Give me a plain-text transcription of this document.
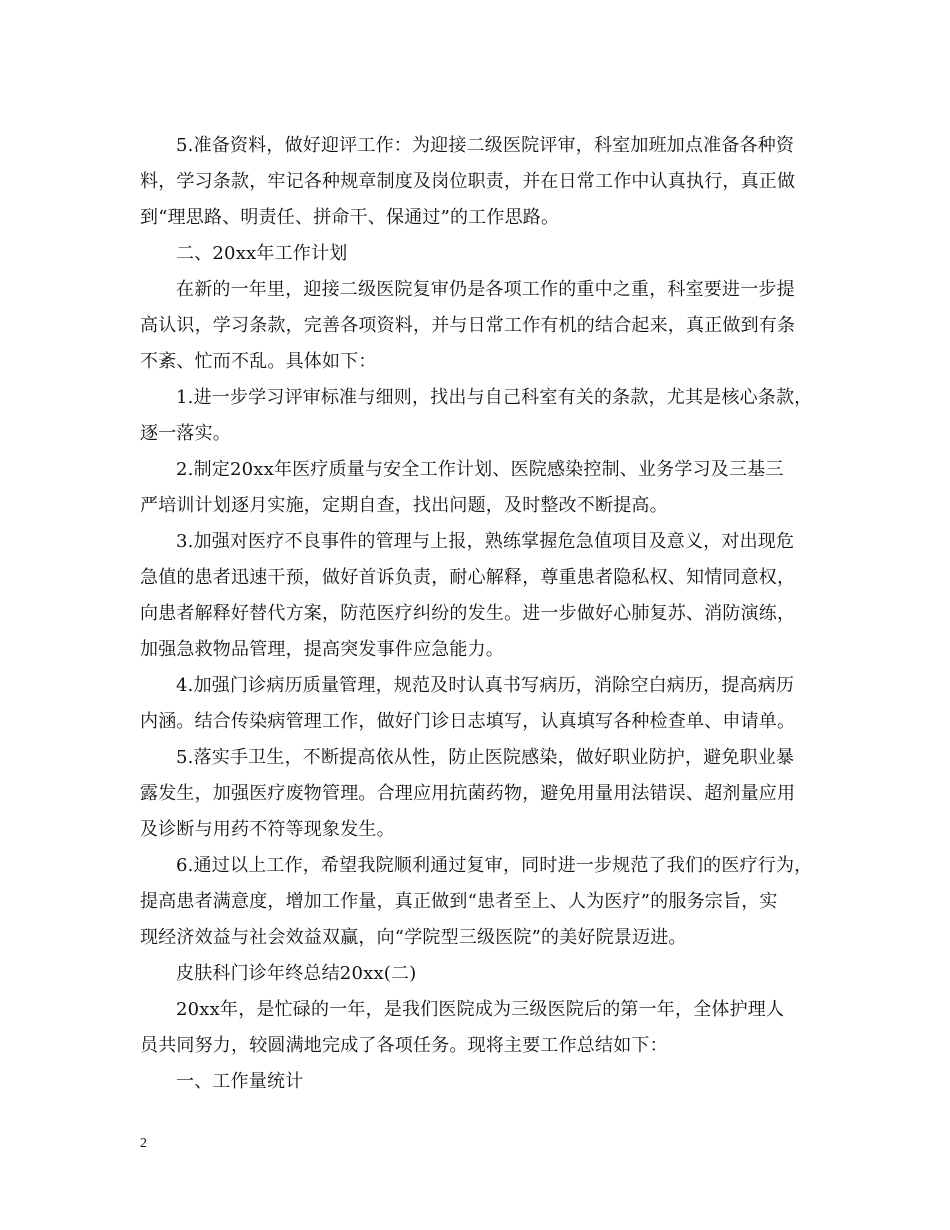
5.准备资料，做好迎评工作：为迎接二级医院评审，科室加班加点准备各种资
料，学习条款，牢记各种规章制度及岗位职责，并在日常工作中认真执行，真正做
到“理思路、明责任、拼命干、保通过”的工作思路。
二、20xx年工作计划
在新的一年里，迎接二级医院复审仍是各项工作的重中之重，科室要进一步提
高认识，学习条款，完善各项资料，并与日常工作有机的结合起来，真正做到有条
不紊、忙而不乱。具体如下：
1.进一步学习评审标准与细则，找出与自己科室有关的条款，尤其是核心条款，
逐一落实。
2.制定20xx年医疗质量与安全工作计划、医院感染控制、业务学习及三基三
严培训计划逐月实施，定期自查，找出问题，及时整改不断提高。
3.加强对医疗不良事件的管理与上报，熟练掌握危急值项目及意义，对出现危
急值的患者迅速干预，做好首诉负责，耐心解释，尊重患者隐私权、知情同意权，
向患者解释好替代方案，防范医疗纠纷的发生。进一步做好心肺复苏、消防演练，
加强急救物品管理，提高突发事件应急能力。
4.加强门诊病历质量管理，规范及时认真书写病历，消除空白病历，提高病历
内涵。结合传染病管理工作，做好门诊日志填写，认真填写各种检查单、申请单。
5.落实手卫生，不断提高依从性，防止医院感染，做好职业防护，避免职业暴
露发生，加强医疗废物管理。合理应用抗菌药物，避免用量用法错误、超剂量应用
及诊断与用药不符等现象发生。
6.通过以上工作，希望我院顺利通过复审，同时进一步规范了我们的医疗行为，
提高患者满意度，增加工作量，真正做到“患者至上、人为医疗”的服务宗旨，实
现经济效益与社会效益双赢，向“学院型三级医院”的美好院景迈进。
皮肤科门诊年终总结20xx(二)
20xx年，是忙碌的一年，是我们医院成为三级医院后的第一年，全体护理人
员共同努力，较圆满地完成了各项任务。现将主要工作总结如下：
一、工作量统计
2
